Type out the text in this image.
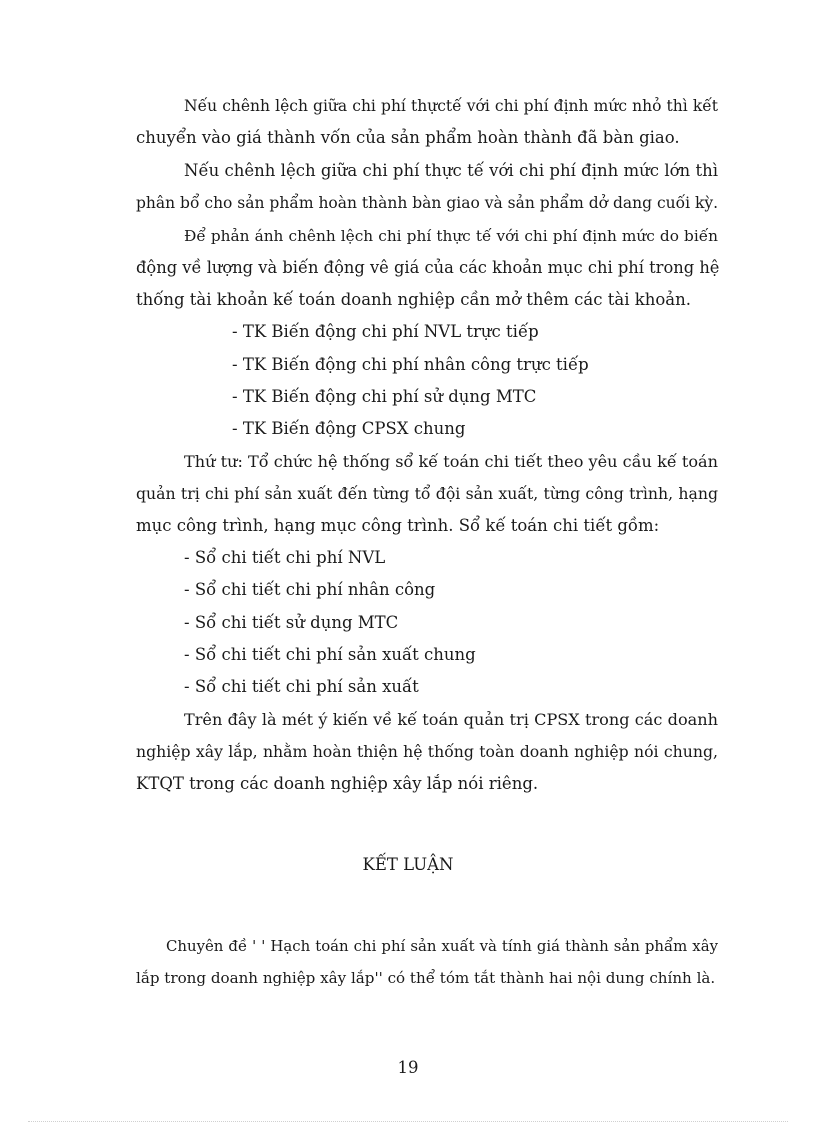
Nếu chênh lệch giữa chi phí thựctế với chi phí định mức nhỏ thì kết
chuyển vào giá thành vốn của sản phẩm hoàn thành đã bàn giao.
Nếu chênh lệch giữa chi phí thực tế với chi phí định mức lớn thì
phân bổ cho sản phẩm hoàn thành bàn giao và sản phẩm dở dang cuối kỳ.
Để phản ánh chênh lệch chi phí thực tế với chi phí định mức do biến
động về lượng và biến động vê giá của các khoản mục chi phí trong hệ
thống tài khoản kế toán doanh nghiệp cần mở thêm các tài khoản.
- TK Biến động chi phí NVL trực tiếp
- TK Biến động chi phí nhân công trực tiếp
- TK Biến động chi phí sử dụng MTC
- TK Biến động CPSX chung
Thứ tư: Tổ chức hệ thống sổ kế toán chi tiết theo yêu cầu kế toán
quản trị chi phí sản xuất đến từng tổ đội sản xuất, từng công trình, hạng
mục công trình, hạng mục công trình. Sổ kế toán chi tiết gồm:
- Sổ chi tiết chi phí NVL
- Sổ chi tiết chi phí nhân công
- Sổ chi tiết sử dụng MTC
- Sổ chi tiết chi phí sản xuất chung
- Sổ chi tiết chi phí sản xuất
Trên đây là mét ý kiến về kế toán quản trị CPSX trong các doanh
nghiệp xây lắp, nhằm hoàn thiện hệ thống toàn doanh nghiệp nói chung,
KTQT trong các doanh nghiệp xây lắp nói riêng.
KẾT LUẬN
Chuyên đề ' ' Hạch toán chi phí sản xuất và tính giá thành sản phẩm xây
lắp trong doanh nghiệp xây lắp'' có thể tóm tắt thành hai nội dung chính là.
19
